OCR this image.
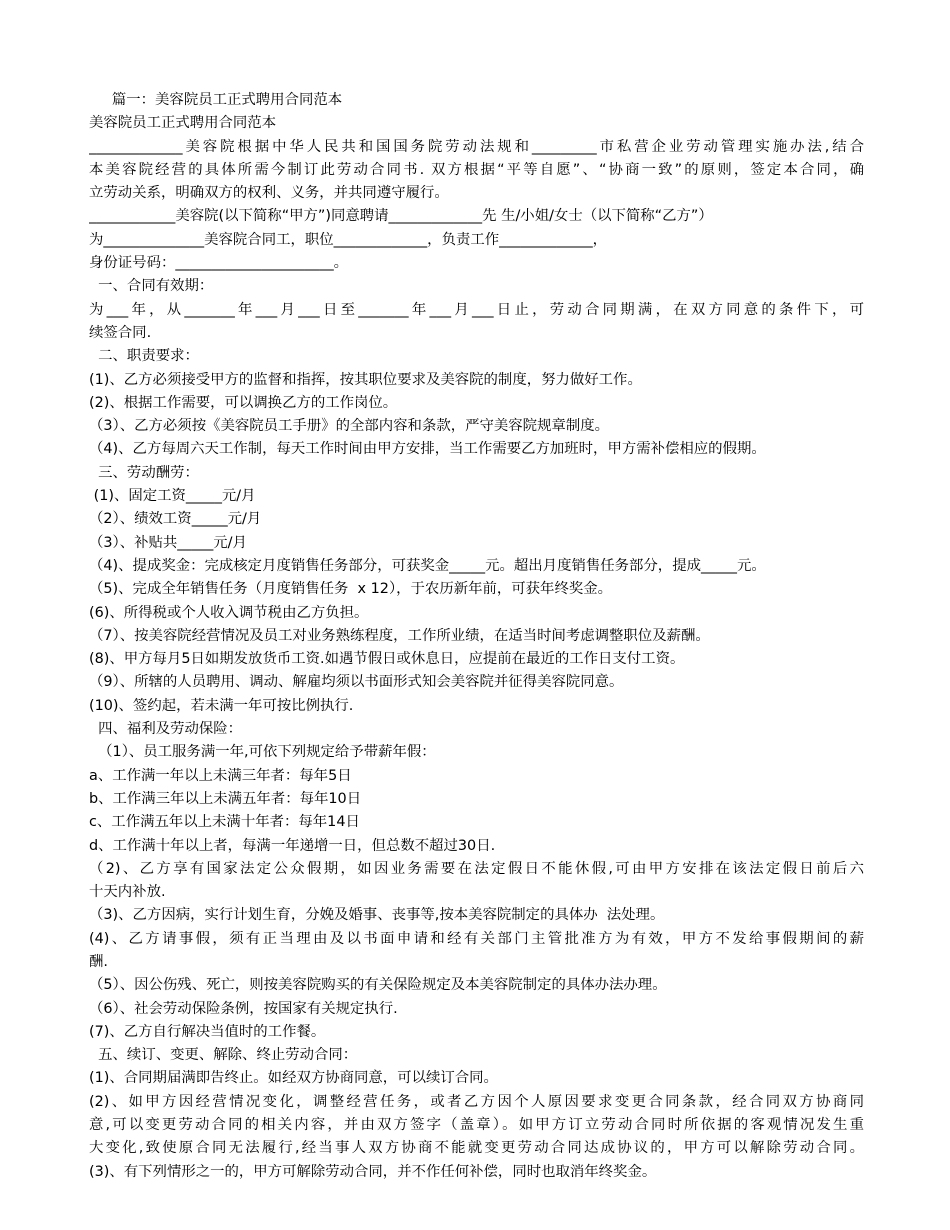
篇一：美容院员工正式聘用合同范本
美容院员工正式聘用合同范本
_____________美容院根据中华人民共和国国务院劳动法规和_________市私营企业劳动管理实施办法,结合
本美容院经营的具体所需今制订此劳动合同书. 双方根据“平等自愿”、“协商一致”的原则，签定本合同，确
立劳动关系，明确双方的权利、义务，并共同遵守履行。
____________美容院(以下简称“甲方”)同意聘请_____________先 生/小姐/女士（以下简称“乙方”）
为______________美容院合同工，职位_____________，负责工作_____________，
身份证号码：______________________。
一、合同有效期：
为___年，从_______年___月___日至_______年___月___日止，劳动合同期满，在双方同意的条件下，可
续签合同.
二、职责要求：
(1)、乙方必须接受甲方的监督和指挥，按其职位要求及美容院的制度，努力做好工作。
(2)、根据工作需要，可以调换乙方的工作岗位。
（3）、乙方必须按《美容院员工手册》的全部内容和条款，严守美容院规章制度。
（4)、乙方每周六天工作制，每天工作时间由甲方安排，当工作需要乙方加班时，甲方需补偿相应的假期。
三、劳动酬劳：
(1)、固定工资_____元/月
（2）、绩效工资_____元/月
（3）、补贴共_____元/月
（4)、提成奖金：完成核定月度销售任务部分，可获奖金_____元。超出月度销售任务部分，提成_____元。
（5)、完成全年销售任务（月度销售任务  x 12），于农历新年前，可获年终奖金。
(6)、所得税或个人收入调节税由乙方负担。
（7）、按美容院经营情况及员工对业务熟练程度，工作所业绩，在适当时间考虑调整职位及薪酬。
(8)、甲方每月5日如期发放货币工资.如遇节假日或休息日，应提前在最近的工作日支付工资。
（9）、所辖的人员聘用、调动、解雇均须以书面形式知会美容院并征得美容院同意。
(10)、签约起，若未满一年可按比例执行.
四、福利及劳动保险：
（1）、员工服务满一年,可依下列规定给予带薪年假：
a、工作满一年以上未满三年者：每年5日
b、工作满三年以上未满五年者：每年10日
c、工作满五年以上未满十年者：每年14日
d、工作满十年以上者，每满一年递增一日，但总数不超过30日.
（2)、乙方享有国家法定公众假期，如因业务需要在法定假日不能休假,可由甲方安排在该法定假日前后六
十天内补放.
（3)、乙方因病，实行计划生育，分娩及婚事、丧事等,按本美容院制定的具体办  法处理。
(4)、乙方请事假，须有正当理由及以书面申请和经有关部门主管批准方为有效，甲方不发给事假期间的薪
酬.
（5）、因公伤残、死亡，则按美容院购买的有关保险规定及本美容院制定的具体办法办理。
（6）、社会劳动保险条例，按国家有关规定执行.
(7)、乙方自行解决当值时的工作餐。
五、续订、变更、解除、终止劳动合同：
(1)、合同期届满即告终止。如经双方协商同意，可以续订合同。
(2)、如甲方因经营情况变化，调整经营任务，或者乙方因个人原因要求变更合同条款，经合同双方协商同
意,可以变更劳动合同的相关内容，并由双方签字（盖章）。如甲方订立劳动合同时所依据的客观情况发生重
大变化,致使原合同无法履行,经当事人双方协商不能就变更劳动合同达成协议的，甲方可以解除劳动合同。
(3)、有下列情形之一的，甲方可解除劳动合同，并不作任何补偿，同时也取消年终奖金。
